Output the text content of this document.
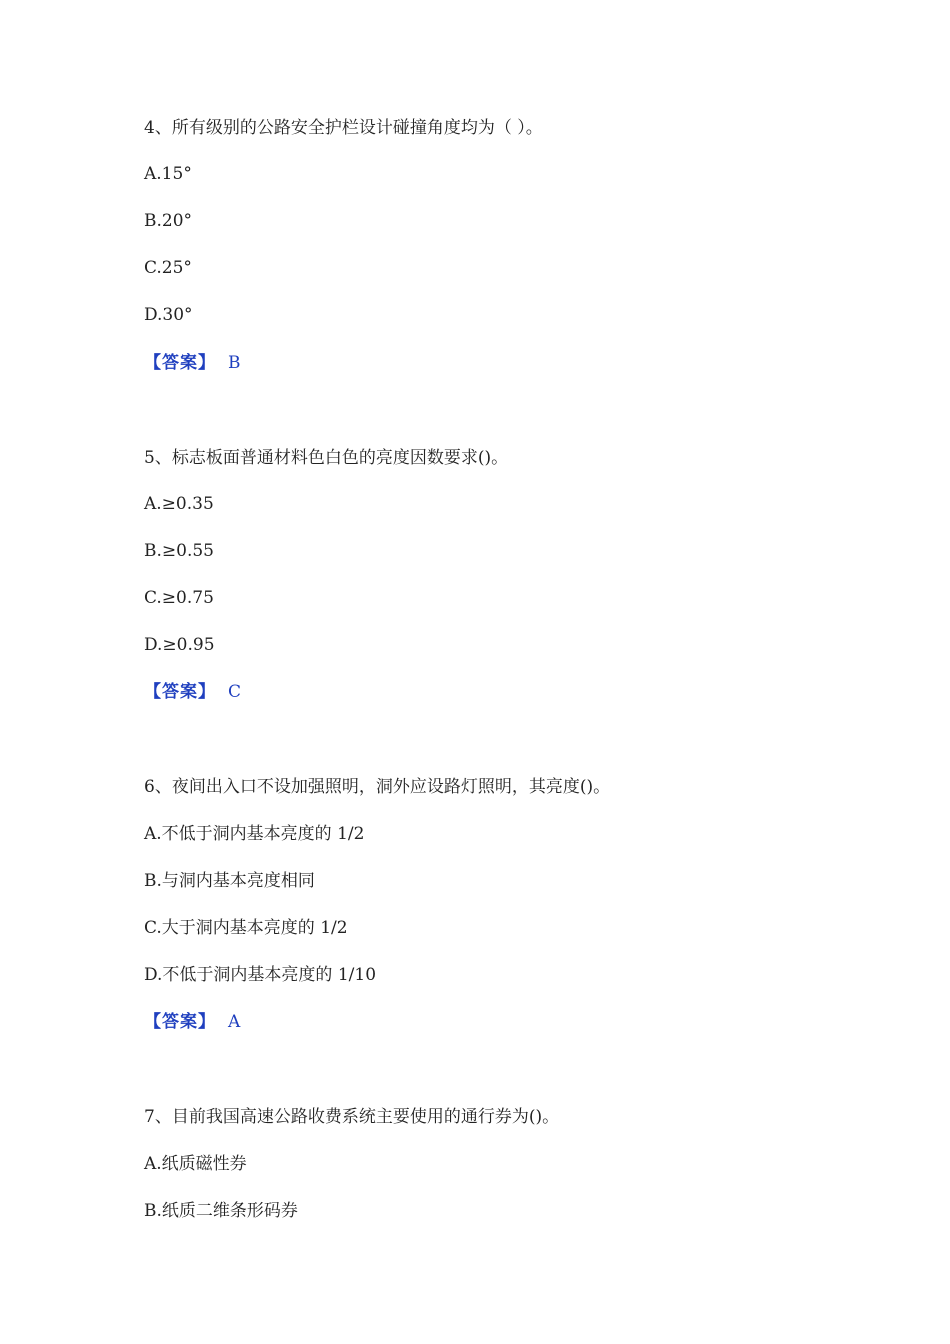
4、所有级别的公路安全护栏设计碰撞角度均为（ ）。
A.15°
B.20°
C.25°
D.30°
【答案】 B
5、标志板面普通材料色白色的亮度因数要求()。
A.≥0.35
B.≥0.55
C.≥0.75
D.≥0.95
【答案】 C
6、夜间出入口不设加强照明，洞外应设路灯照明，其亮度()。
A.不低于洞内基本亮度的 1/2
B.与洞内基本亮度相同
C.大于洞内基本亮度的 1/2
D.不低于洞内基本亮度的 1/10
【答案】 A
7、目前我国高速公路收费系统主要使用的通行券为()。
A.纸质磁性券
B.纸质二维条形码券
